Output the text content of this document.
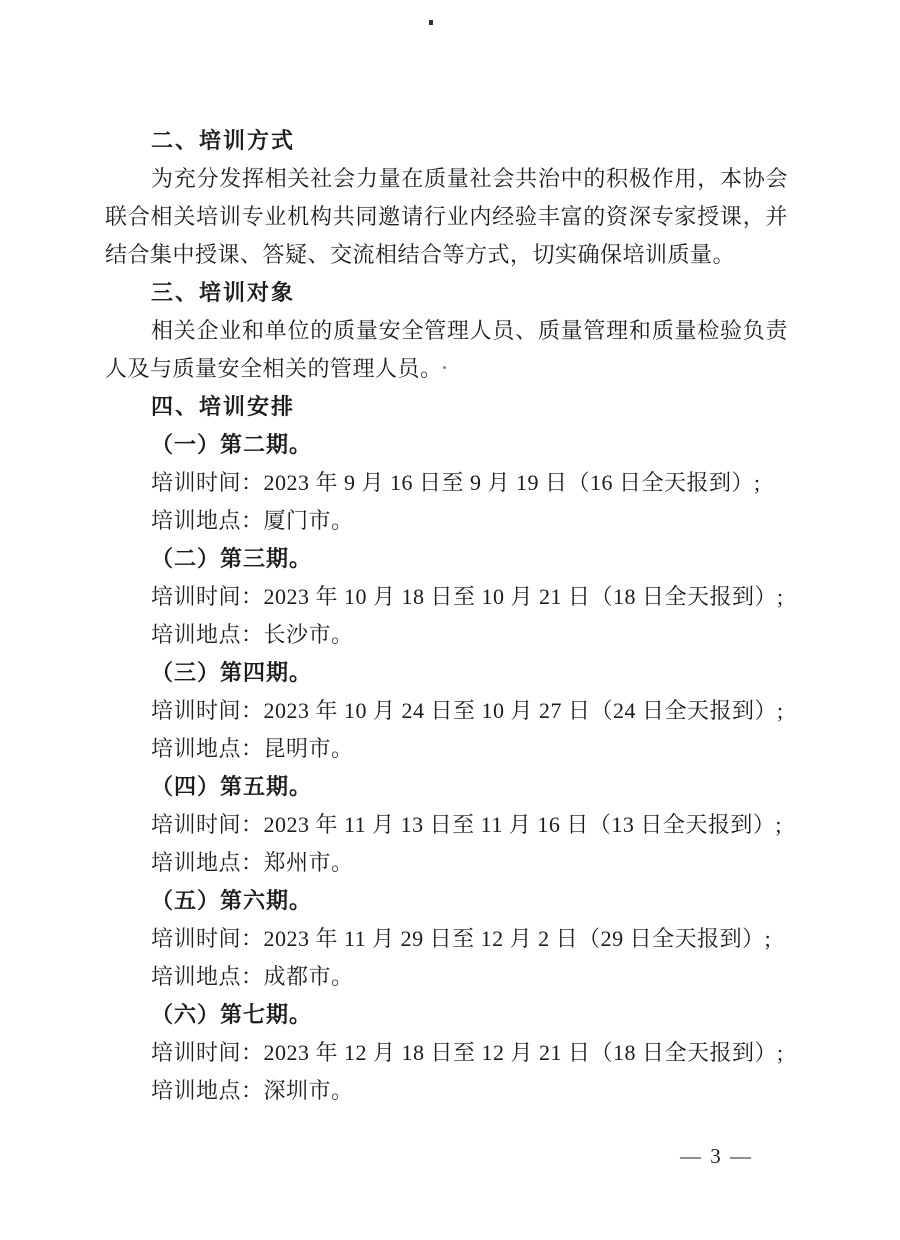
二、培训方式
为充分发挥相关社会力量在质量社会共治中的积极作用，本协会
联合相关培训专业机构共同邀请行业内经验丰富的资深专家授课，并
结合集中授课、答疑、交流相结合等方式，切实确保培训质量。
三、培训对象
相关企业和单位的质量安全管理人员、质量管理和质量检验负责
人及与质量安全相关的管理人员。
四、培训安排
（一）第二期。
培训时间：2023 年 9 月 16 日至 9 月 19 日（16 日全天报到）;
培训地点：厦门市。
（二）第三期。
培训时间：2023 年 10 月 18 日至 10 月 21 日（18 日全天报到）;
培训地点：长沙市。
（三）第四期。
培训时间：2023 年 10 月 24 日至 10 月 27 日（24 日全天报到）;
培训地点：昆明市。
（四）第五期。
培训时间：2023 年 11 月 13 日至 11 月 16 日（13 日全天报到）;
培训地点：郑州市。
（五）第六期。
培训时间：2023 年 11 月 29 日至 12 月 2 日（29 日全天报到）;
培训地点：成都市。
（六）第七期。
培训时间：2023 年 12 月 18 日至 12 月 21 日（18 日全天报到）;
培训地点：深圳市。
— 3 —
